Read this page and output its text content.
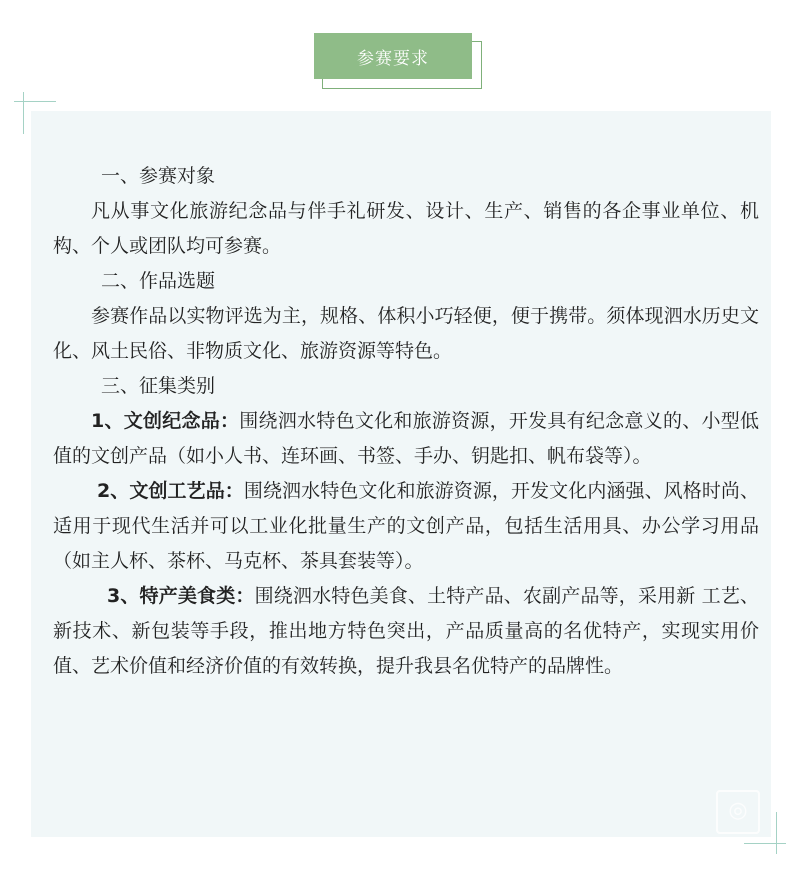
参赛要求

一、参赛对象

凡从事文化旅游纪念品与伴手礼研发、设计、生产、销售的各企事业单位、机构、个人或团队均可参赛。

二、作品选题

参赛作品以实物评选为主，规格、体积小巧轻便，便于携带。须体现泗水历史文化、风土民俗、非物质文化、旅游资源等特色。

三、征集类别

1、文创纪念品：围绕泗水特色文化和旅游资源，开发具有纪念意义的、小型低值的文创产品（如小人书、连环画、书签、手办、钥匙扣、帆布袋等）。

2、文创工艺品：围绕泗水特色文化和旅游资源，开发文化内涵强、风格时尚、适用于现代生活并可以工业化批量生产的文创产品，包括生活用具、办公学习用品（如主人杯、茶杯、马克杯、茶具套装等）。

3、特产美食类：围绕泗水特色美食、土特产品、农副产品等，采用新 工艺、新技术、新包装等手段，推出地方特色突出，产品质量高的名优特产，实现实用价值、艺术价值和经济价值的有效转换，提升我县名优特产的品牌性。

◎
